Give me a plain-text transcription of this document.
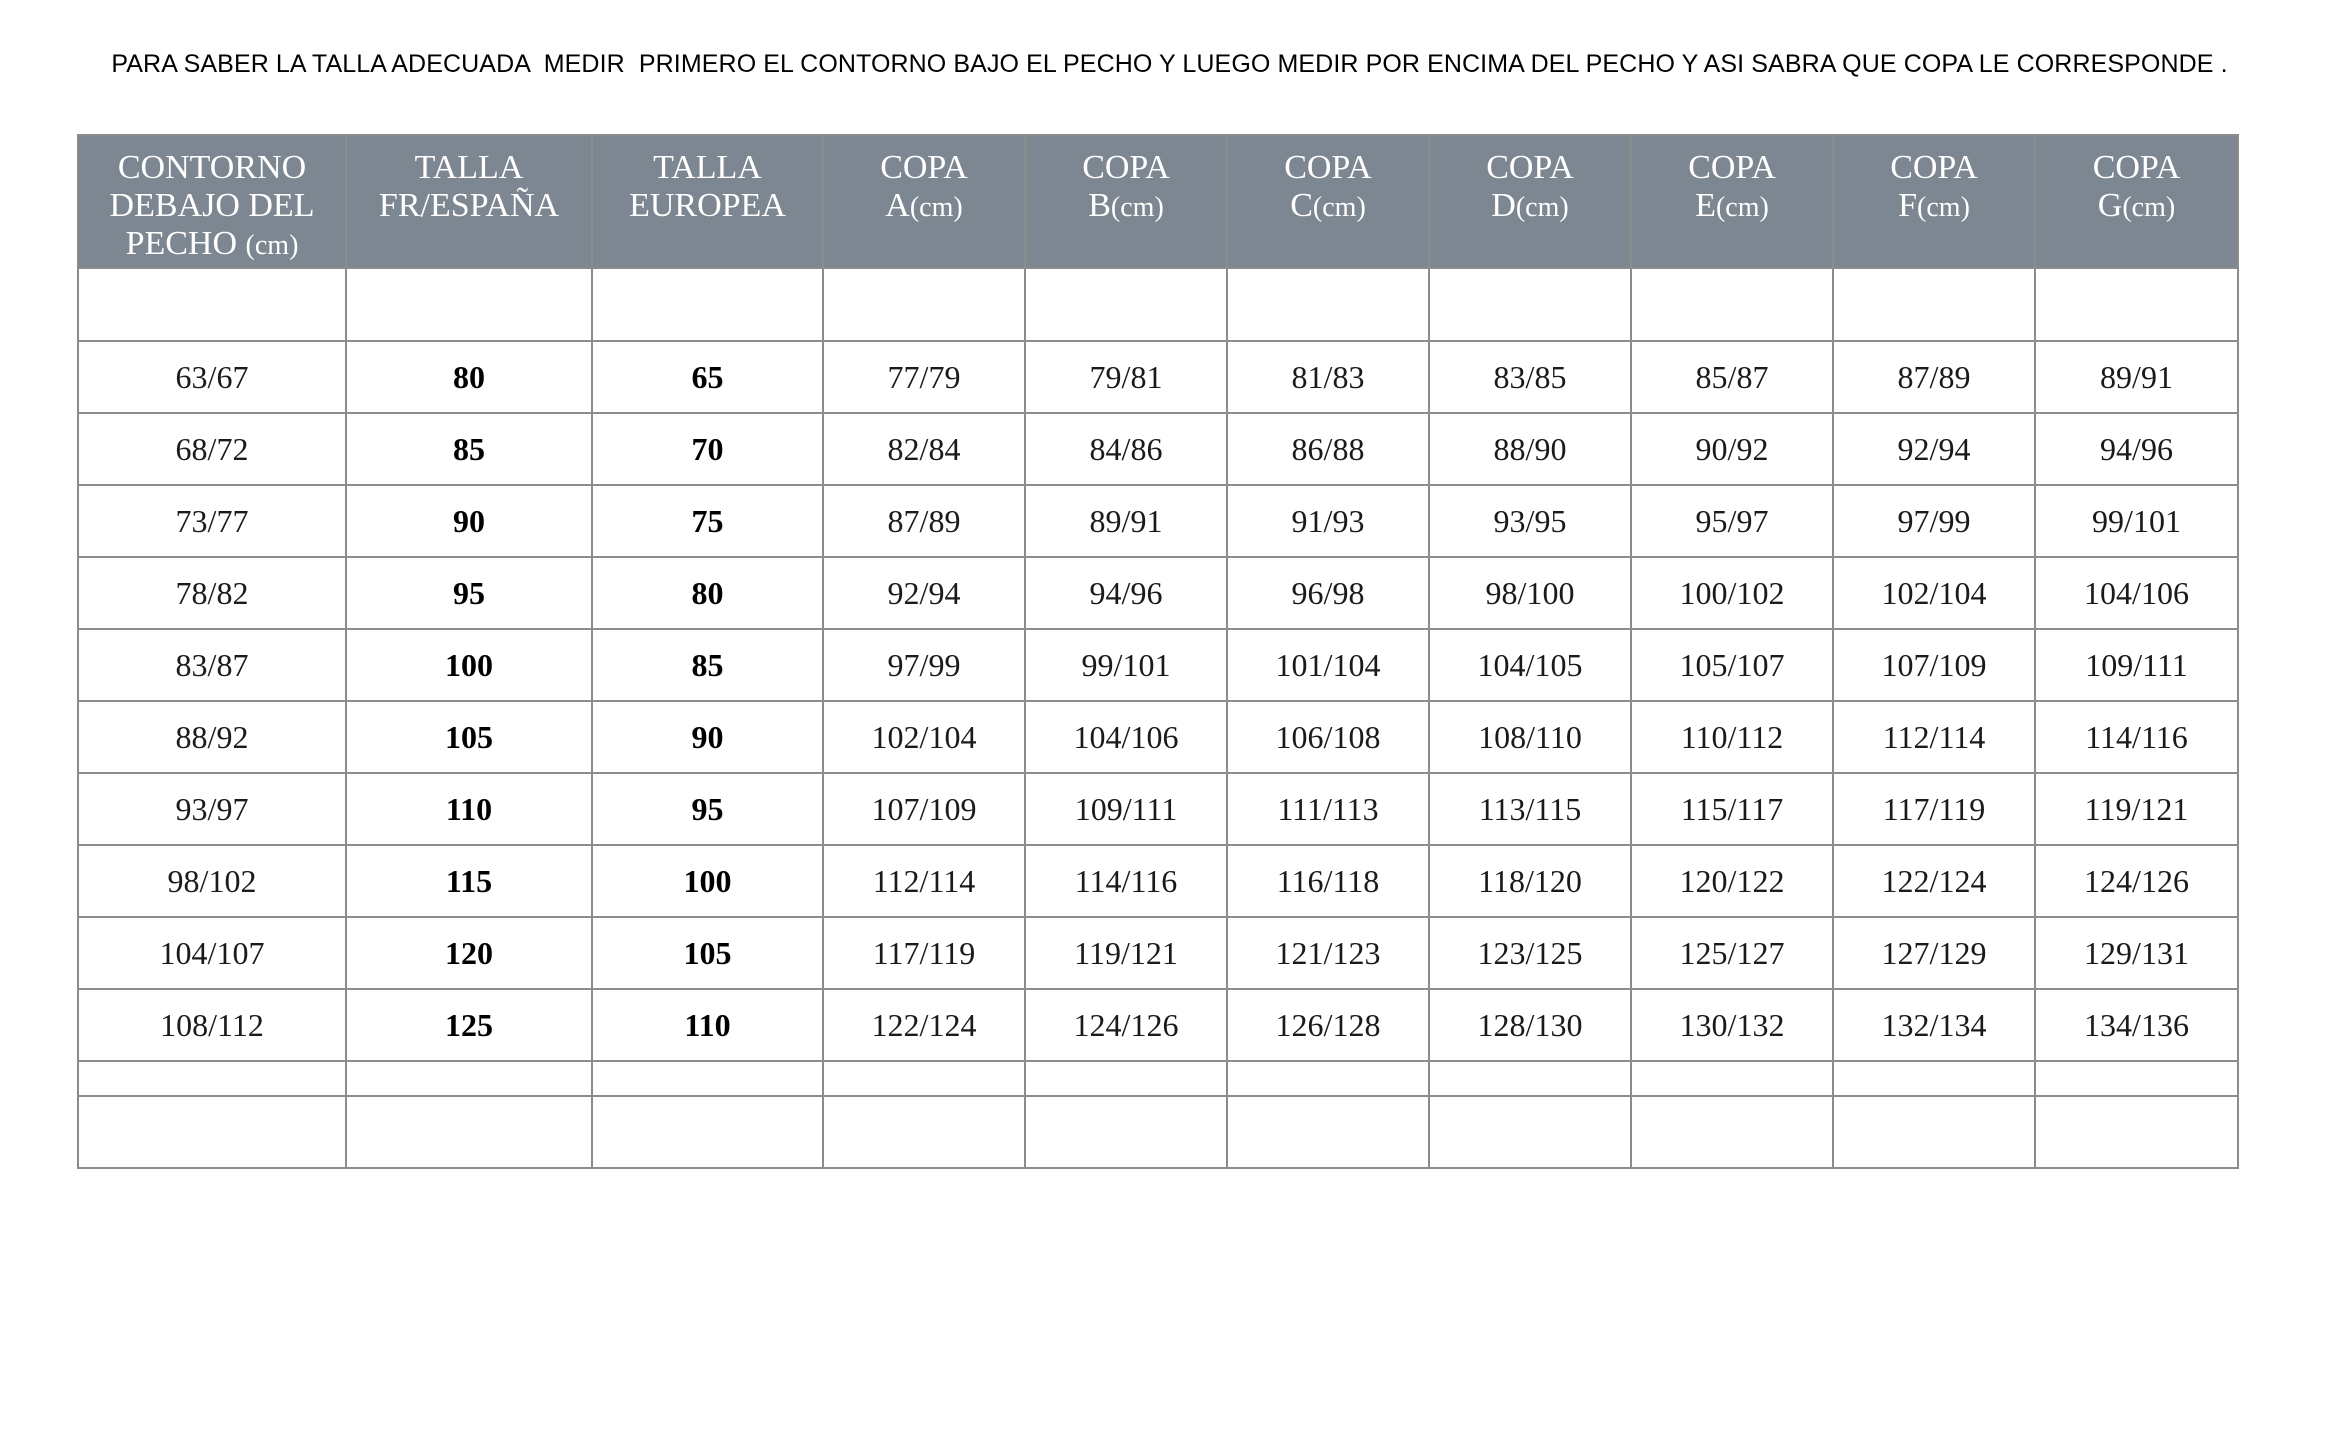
PARA SABER LA TALLA ADECUADA  MEDIR  PRIMERO EL CONTORNO BAJO EL PECHO Y LUEGO MEDIR POR ENCIMA DEL PECHO Y ASI SABRA QUE COPA LE CORRESPONDE .
CONTORNO
DEBAJO DEL
PECHO (cm)	TALLA
FR/ESPAÑA	TALLA
EUROPEA	COPA
A(cm)	COPA
B(cm)	COPA
C(cm)	COPA
D(cm)	COPA
E(cm)	COPA
F(cm)	COPA
G(cm)

63/67	80	65	77/79	79/81	81/83	83/85	85/87	87/89	89/91
68/72	85	70	82/84	84/86	86/88	88/90	90/92	92/94	94/96
73/77	90	75	87/89	89/91	91/93	93/95	95/97	97/99	99/101
78/82	95	80	92/94	94/96	96/98	98/100	100/102	102/104	104/106
83/87	100	85	97/99	99/101	101/104	104/105	105/107	107/109	109/111
88/92	105	90	102/104	104/106	106/108	108/110	110/112	112/114	114/116
93/97	110	95	107/109	109/111	111/113	113/115	115/117	117/119	119/121
98/102	115	100	112/114	114/116	116/118	118/120	120/122	122/124	124/126
104/107	120	105	117/119	119/121	121/123	123/125	125/127	127/129	129/131
108/112	125	110	122/124	124/126	126/128	128/130	130/132	132/134	134/136
